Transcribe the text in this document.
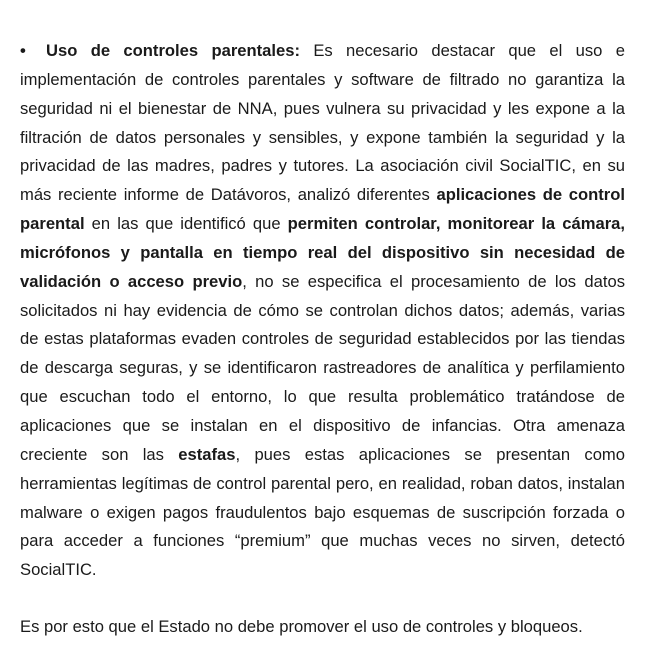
• Uso de controles parentales: Es necesario destacar que el uso e implementación de controles parentales y software de filtrado no garantiza la seguridad ni el bienestar de NNA, pues vulnera su privacidad y les expone a la filtración de datos personales y sensibles, y expone también la seguridad y la privacidad de las madres, padres y tutores. La asociación civil SocialTIC, en su más reciente informe de Datávoros, analizó diferentes aplicaciones de control parental en las que identificó que permiten controlar, monitorear la cámara, micrófonos y pantalla en tiempo real del dispositivo sin necesidad de validación o acceso previo, no se especifica el procesamiento de los datos solicitados ni hay evidencia de cómo se controlan dichos datos; además, varias de estas plataformas evaden controles de seguridad establecidos por las tiendas de descarga seguras, y se identificaron rastreadores de analítica y perfilamiento que escuchan todo el entorno, lo que resulta problemático tratándose de aplicaciones que se instalan en el dispositivo de infancias. Otra amenaza creciente son las estafas, pues estas aplicaciones se presentan como herramientas legítimas de control parental pero, en realidad, roban datos, instalan malware o exigen pagos fraudulentos bajo esquemas de suscripción forzada o para acceder a funciones “premium” que muchas veces no sirven, detectó SocialTIC.

Es por esto que el Estado no debe promover el uso de controles y bloqueos.
